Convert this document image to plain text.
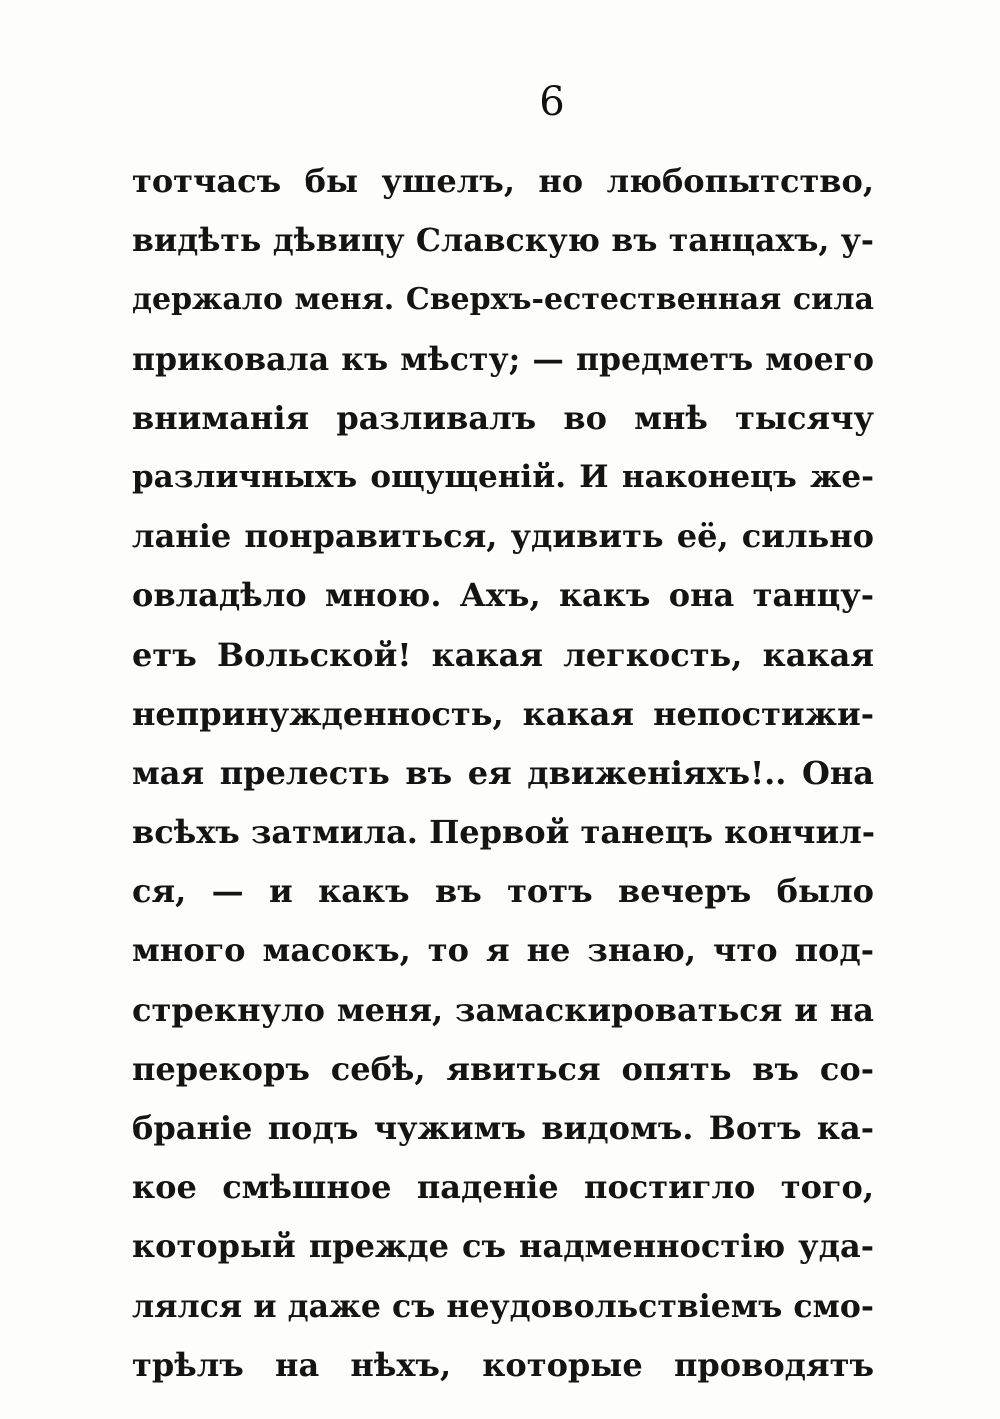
6
тотчасъ бы ушелъ, но любопытство,
видѣть дѣвицу Славскую въ танцахъ, у-
держало меня. Сверхъ-естественная сила
приковала къ мѣсту; — предметъ моего
вниманія разливалъ во мнѣ тысячу
различныхъ ощущеній. И наконецъ же-
ланіе понравиться, удивить её, сильно
овладѣло мною. Ахъ, какъ она танцу-
етъ Вольской! какая легкость, какая
непринужденность, какая непостижи-
мая прелесть въ ея движеніяхъ!.. Она
всѣхъ затмила. Первой танецъ кончил-
ся, — и какъ въ тотъ вечеръ было
много масокъ, то я не знаю, что под-
стрекнуло меня, замаскироваться и на
перекоръ себѣ, явиться опять въ со-
браніе подъ чужимъ видомъ. Вотъ ка-
кое смѣшное паденіе постигло того,
который прежде съ надменностію уда-
лялся и даже съ неудовольствіемъ смо-
трѣлъ на нѣхъ, которые проводятъ
